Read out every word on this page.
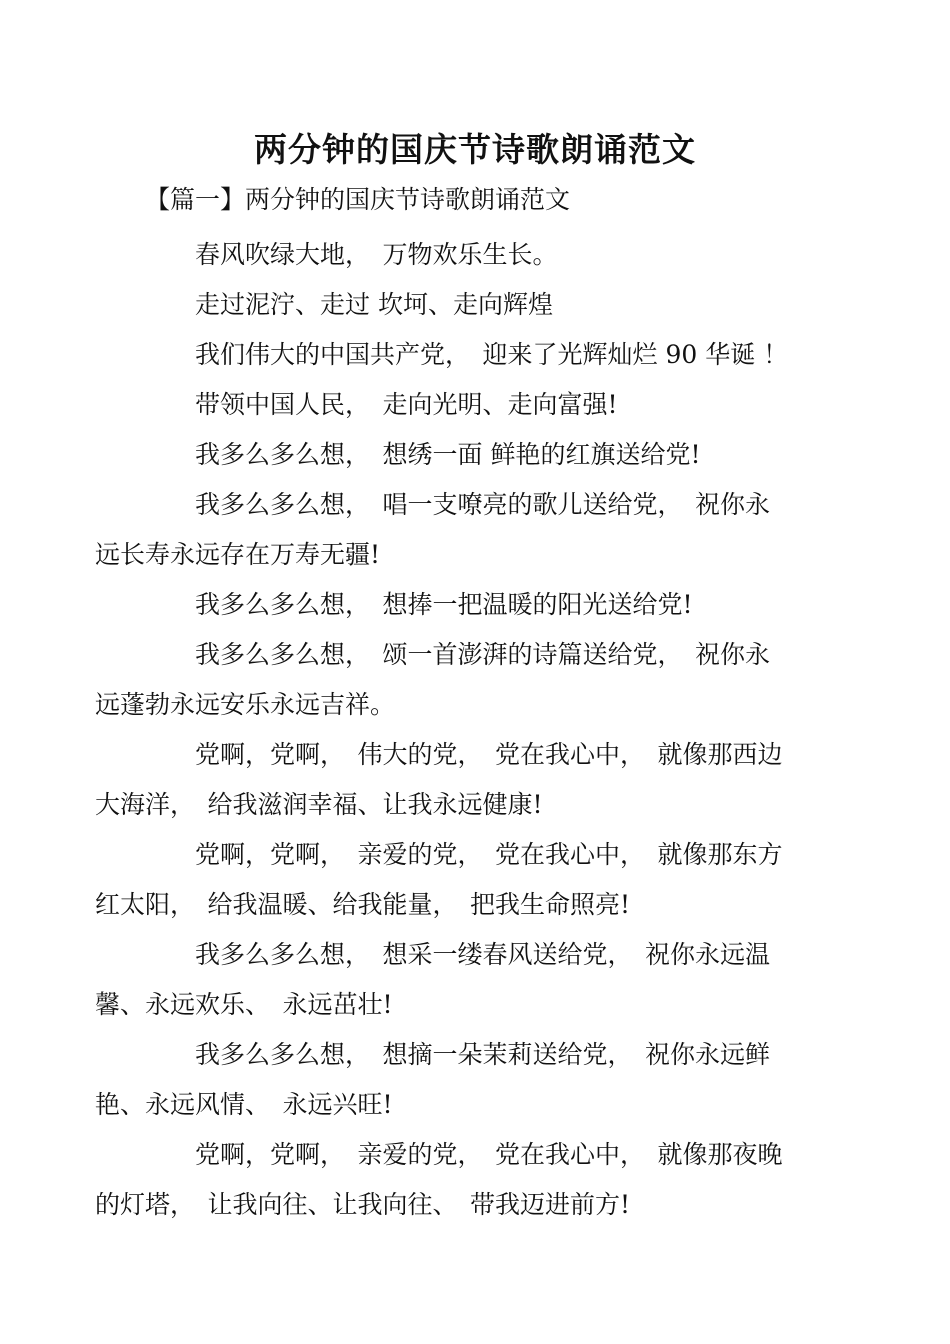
两分钟的国庆节诗歌朗诵范文
【篇一】两分钟的国庆节诗歌朗诵范文

春风吹绿大地，　万物欢乐生长。

走过泥泞、走过 坎坷、走向辉煌

我们伟大的中国共产党，　迎来了光辉灿烂 90 华诞 ！

带领中国人民，　走向光明、走向富强!

我多么多么想，　想绣一面 鲜艳的红旗送给党!

我多么多么想，　唱一支嘹亮的歌儿送给党，　祝你永
远长寿永远存在万寿无疆!

我多么多么想，　想捧一把温暖的阳光送给党!

我多么多么想，　颂一首澎湃的诗篇送给党，　祝你永
远蓬勃永远安乐永远吉祥。

党啊，党啊，　伟大的党，　党在我心中，　就像那西边
大海洋，　给我滋润幸福、让我永远健康!

党啊，党啊，　亲爱的党，　党在我心中，　就像那东方
红太阳，　给我温暖、给我能量，　把我生命照亮!

我多么多么想，　想采一缕春风送给党，　祝你永远温
馨、永远欢乐、　永远茁壮!

我多么多么想，　想摘一朵茉莉送给党，　祝你永远鲜
艳、永远风情、　永远兴旺!

党啊，党啊，　亲爱的党，　党在我心中，　就像那夜晚
的灯塔，　让我向往、让我向往、　带我迈进前方!
